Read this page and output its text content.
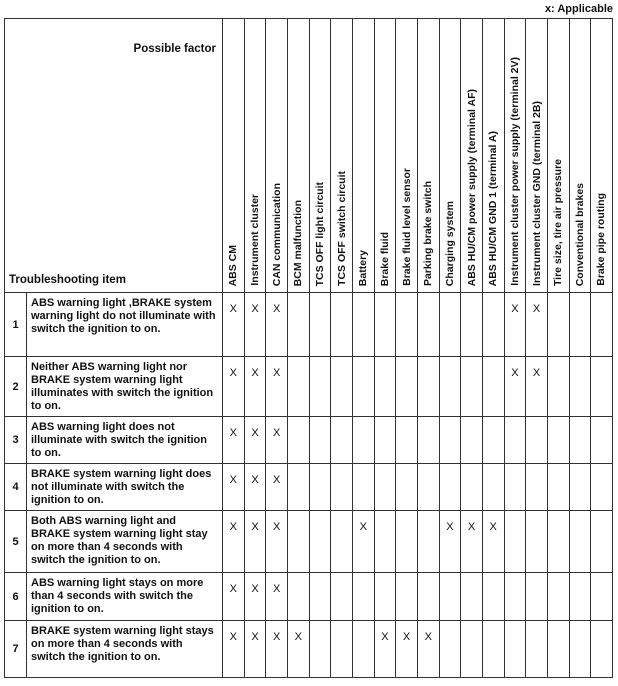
x: Applicable
Possible factor
Troubleshooting item		ABS CM	Instrument cluster	CAN communication	BCM malfunction	TCS OFF light circuit	TCS OFF switch circuit	Battery	Brake fluid	Brake fluid level sensor	Parking brake switch	Charging system	ABS HU/CM power supply (terminal AF)	ABS HU/CM GND 1 (terminal A)	Instrument cluster power supply (terminal 2V)	Instrument cluster GND (terminal 2B)	Tire size, tire air pressure	Conventional brakes	Brake pipe routing

1	ABS warning light ,BRAKE system warning light do not illuminate with switch the ignition to on.	X	X	X											X	X			
2	Neither ABS warning light nor BRAKE system warning light illuminates with switch the ignition to on.	X	X	X											X	X			
3	ABS warning light does not illuminate with switch the ignition to on.	X	X	X															
4	BRAKE system warning light does not illuminate with switch the ignition to on.	X	X	X															
5	Both ABS warning light and BRAKE system warning light stay on more than 4 seconds with switch the ignition to on.	X	X	X				X				X	X	X					
6	ABS warning light stays on more than 4 seconds with switch the ignition to on.	X	X	X															
7	BRAKE system warning light stays on more than 4 seconds with switch the ignition to on.	X	X	X	X				X	X	X								
